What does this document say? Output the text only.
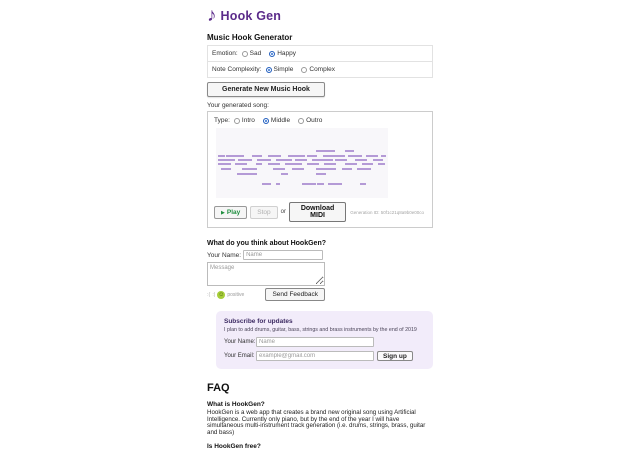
♪ Hook Gen
Music Hook Generator
Emotion: Sad Happy
Note Complexity: Simple Complex
Generate New Music Hook
Your generated song:
Type: Intro Middle Outro
▶ Play	Stop	or	Download MIDI	Generation ID: 50f1c21q8a9b0e00co
What do you think about HookGen?
Your Name:
Name
Message
:( :| ☺ positive	Send Feedback
Subscribe for updates
I plan to add drums, guitar, bass, strings and brass instruments by the end of 2019
Your Name:
Name
Your Email:
example@gmail.com	Sign up
FAQ
What is HookGen?
HookGen is a web app that creates a brand new original song using Artificial Intelligence. Currently only piano, but by the end of the year I will have simultaneous multi-instrument track generation (i.e. drums, strings, brass, guitar and bass)
Is HookGen free?
